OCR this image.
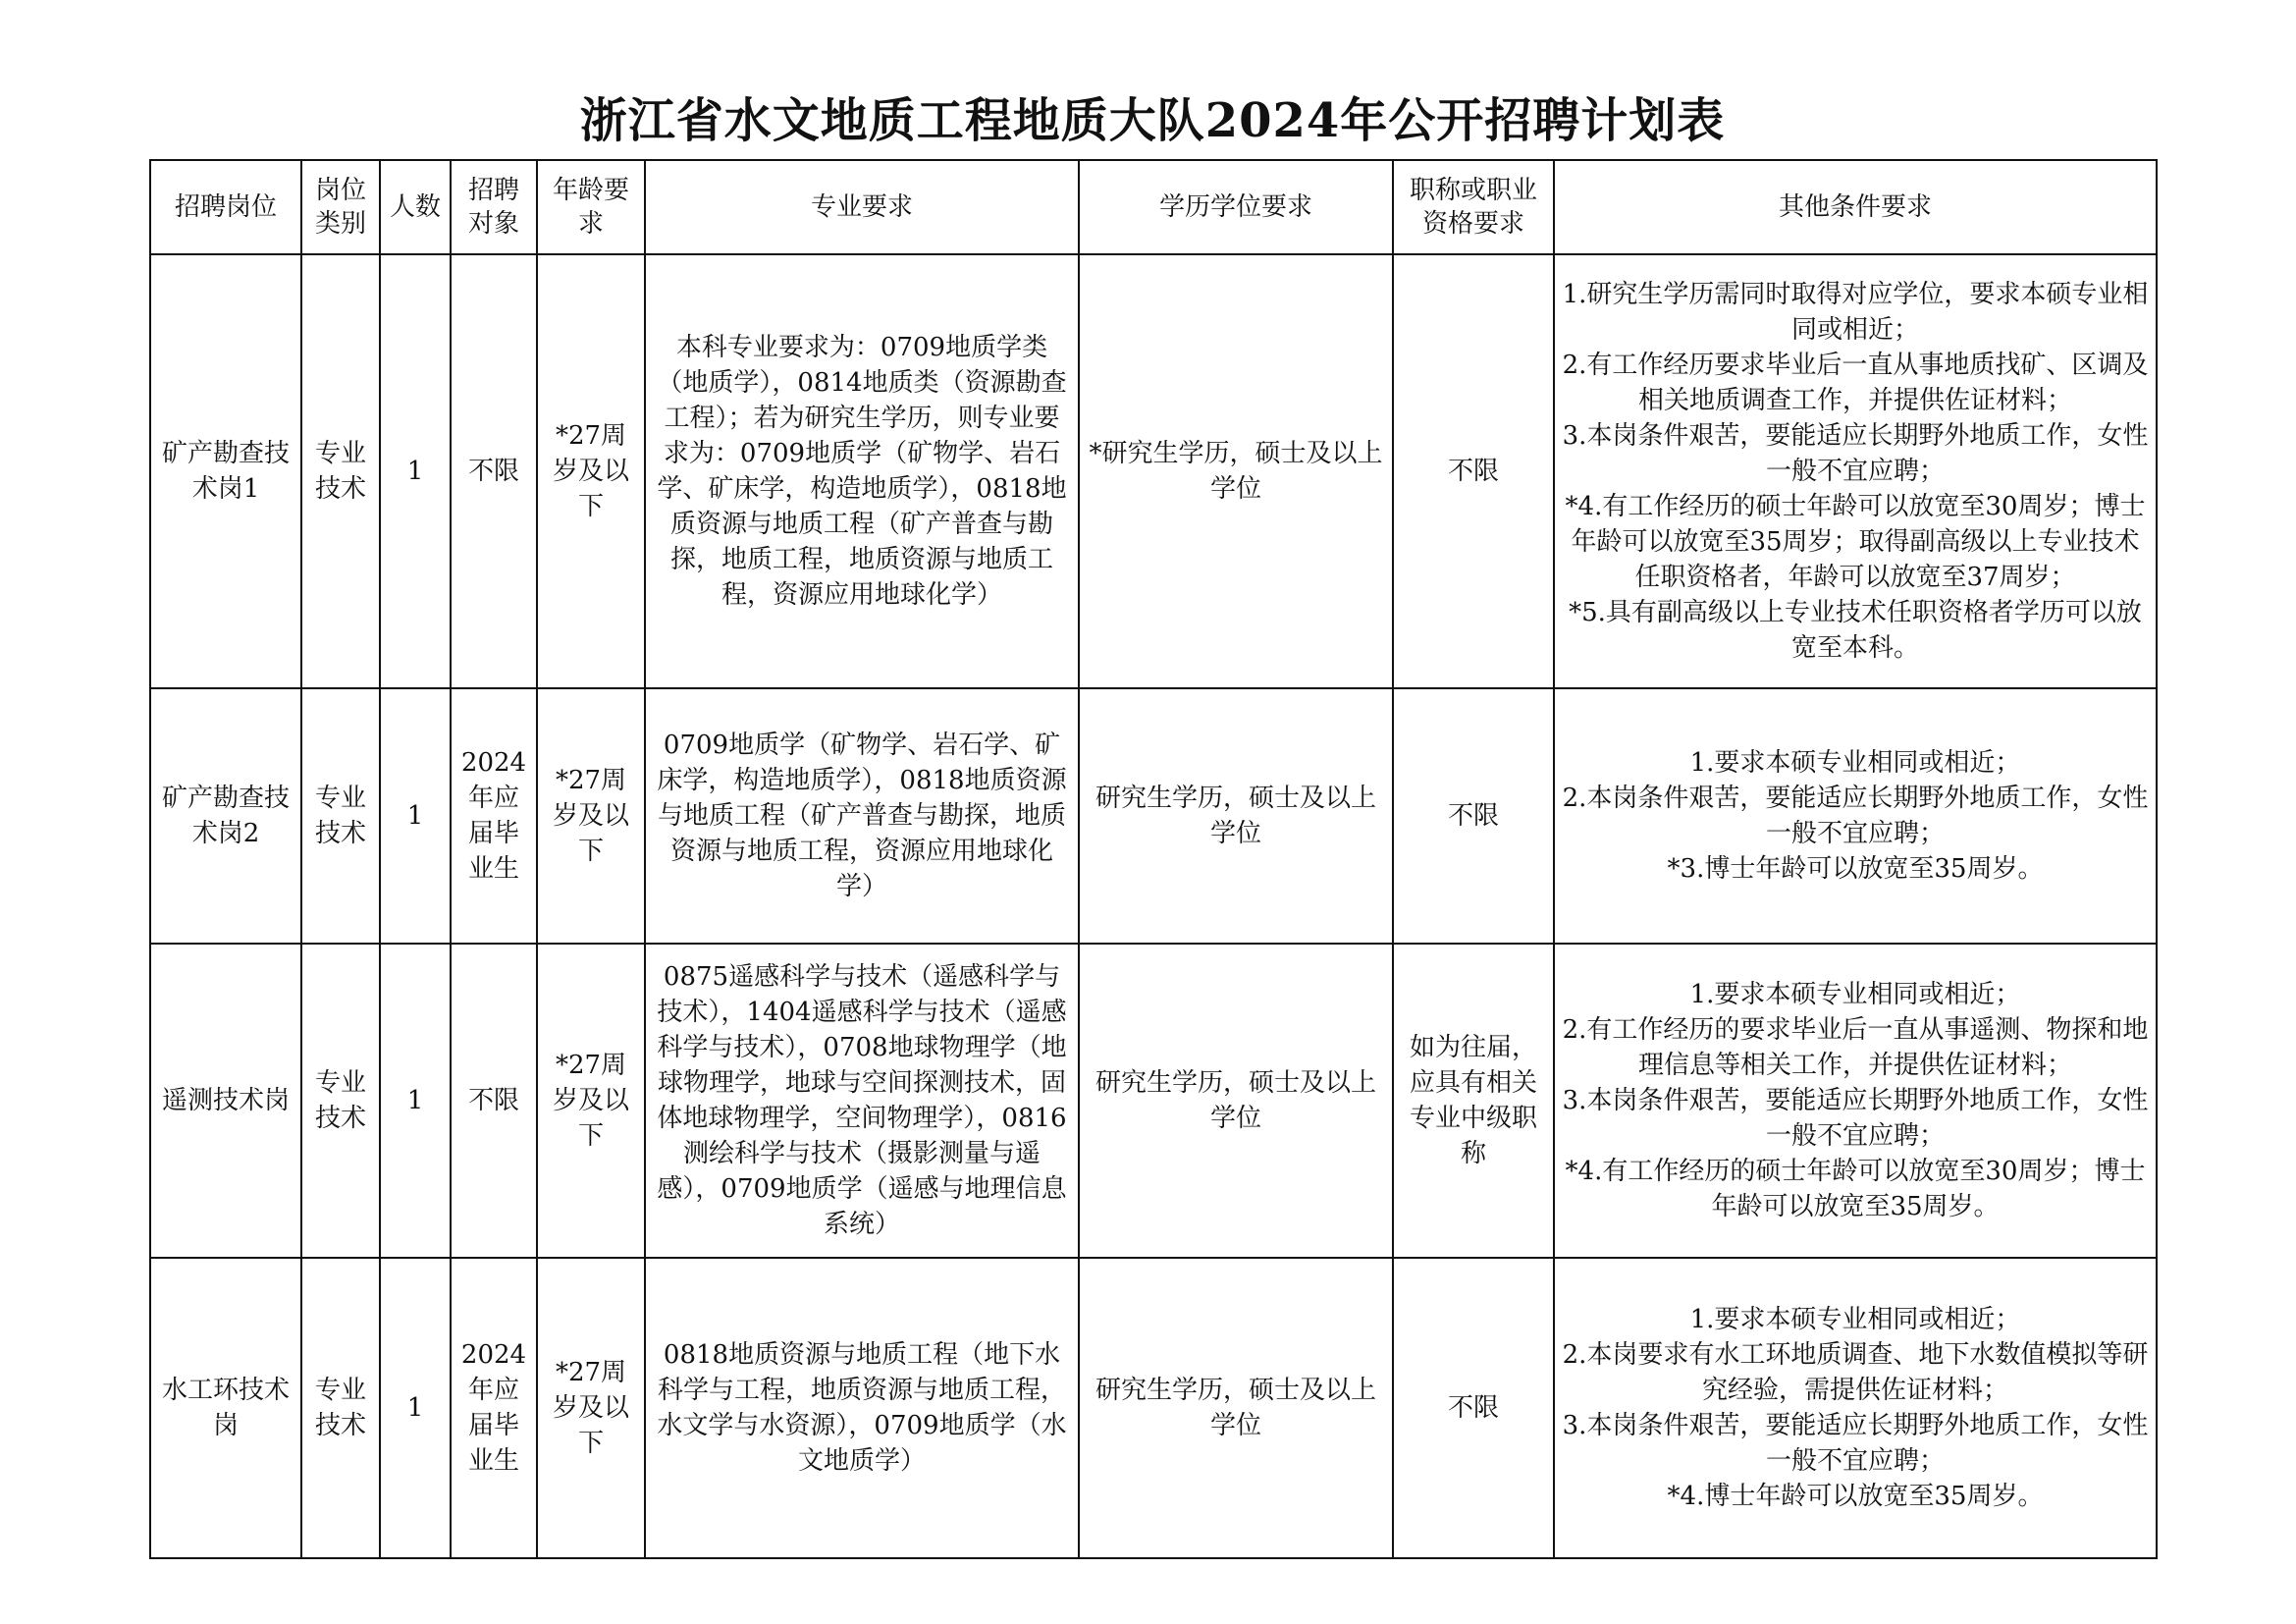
浙江省水文地质工程地质大队2024年公开招聘计划表
招聘岗位	岗位类别	人数	招聘对象	年龄要求	专业要求	学历学位要求	职称或职业资格要求	其他条件要求
矿产勘查技术岗1	专业技术	1	不限	*27周岁及以下	本科专业要求为：0709地质学类（地质学），0814地质类（资源勘查工程）；若为研究生学历，则专业要求为：0709地质学（矿物学、岩石学、矿床学，构造地质学），0818地质资源与地质工程（矿产普查与勘探，地质工程，地质资源与地质工程，资源应用地球化学）	*研究生学历，硕士及以上学位	不限	1.研究生学历需同时取得对应学位，要求本硕专业相同或相近；
2.有工作经历要求毕业后一直从事地质找矿、区调及相关地质调查工作，并提供佐证材料；
3.本岗条件艰苦，要能适应长期野外地质工作，女性一般不宜应聘；
*4.有工作经历的硕士年龄可以放宽至30周岁；博士年龄可以放宽至35周岁；取得副高级以上专业技术任职资格者，年龄可以放宽至37周岁；
*5.具有副高级以上专业技术任职资格者学历可以放宽至本科。

矿产勘查技术岗2	专业技术	1	2024年应届毕业生	*27周岁及以下	0709地质学（矿物学、岩石学、矿床学，构造地质学），0818地质资源与地质工程（矿产普查与勘探，地质资源与地质工程，资源应用地球化学）	研究生学历，硕士及以上学位	不限	1.要求本硕专业相同或相近；
2.本岗条件艰苦，要能适应长期野外地质工作，女性一般不宜应聘；
*3.博士年龄可以放宽至35周岁。

遥测技术岗	专业技术	1	不限	*27周岁及以下	0875遥感科学与技术（遥感科学与技术），1404遥感科学与技术（遥感科学与技术），0708地球物理学（地球物理学，地球与空间探测技术，固体地球物理学，空间物理学），0816测绘科学与技术（摄影测量与遥感），0709地质学（遥感与地理信息系统）	研究生学历，硕士及以上学位	如为往届，应具有相关专业中级职称	1.要求本硕专业相同或相近；
2.有工作经历的要求毕业后一直从事遥测、物探和地理信息等相关工作，并提供佐证材料；
3.本岗条件艰苦，要能适应长期野外地质工作，女性一般不宜应聘；
*4.有工作经历的硕士年龄可以放宽至30周岁；博士年龄可以放宽至35周岁。

水工环技术岗	专业技术	1	2024年应届毕业生	*27周岁及以下	0818地质资源与地质工程（地下水科学与工程，地质资源与地质工程，水文学与水资源），0709地质学（水文地质学）	研究生学历，硕士及以上学位	不限	1.要求本硕专业相同或相近；
2.本岗要求有水工环地质调查、地下水数值模拟等研究经验，需提供佐证材料；
3.本岗条件艰苦，要能适应长期野外地质工作，女性一般不宜应聘；
*4.博士年龄可以放宽至35周岁。
